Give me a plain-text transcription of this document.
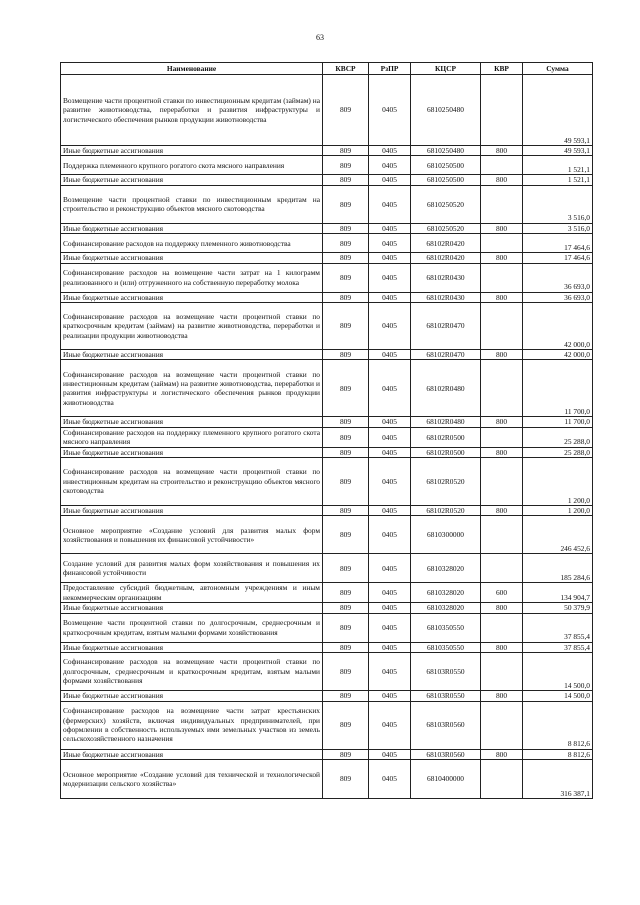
63
Наименование	КВСР	РзПР	КЦСР	КВР	Сумма
Возмещение части процентной ставки по инвестиционным кредитам (займам) на развитие животноводства, переработки и развития инфраструктуры и логистического обеспечения рынков продукции животноводства	809	0405	6810250480		49 593,1
Иные бюджетные ассигнования	809	0405	6810250480	800	49 593,1
Поддержка племенного крупного рогатого скота мясного направления	809	0405	6810250500		1 521,1
Иные бюджетные ассигнования	809	0405	6810250500	800	1 521,1
Возмещение части процентной ставки по инвестиционным кредитам на строительство и реконструкцию объектов мясного скотоводства	809	0405	6810250520		3 516,0
Иные бюджетные ассигнования	809	0405	6810250520	800	3 516,0
Софинансирование расходов на поддержку племенного животноводства	809	0405	68102R0420		17 464,6
Иные бюджетные ассигнования	809	0405	68102R0420	800	17 464,6
Софинансирование расходов на возмещение части затрат на 1 килограмм реализованного и (или) отгруженного на собственную переработку молока	809	0405	68102R0430		36 693,0
Иные бюджетные ассигнования	809	0405	68102R0430	800	36 693,0
Софинансирование расходов на возмещение части процентной ставки по краткосрочным кредитам (займам) на развитие животноводства, переработки и реализации продукции животноводства	809	0405	68102R0470		42 000,0
Иные бюджетные ассигнования	809	0405	68102R0470	800	42 000,0
Софинансирование расходов на возмещение части процентной ставки по инвестиционным кредитам (займам) на развитие животноводства, переработки и развития инфраструктуры и логистического обеспечения рынков продукции животноводства	809	0405	68102R0480		11 700,0
Иные бюджетные ассигнования	809	0405	68102R0480	800	11 700,0
Софинансирование расходов на поддержку племенного крупного рогатого скота мясного направления	809	0405	68102R0500		25 288,0
Иные бюджетные ассигнования	809	0405	68102R0500	800	25 288,0
Софинансирование расходов на возмещение части процентной ставки по инвестиционным кредитам на строительство и реконструкцию объектов мясного скотоводства	809	0405	68102R0520		1 200,0
Иные бюджетные ассигнования	809	0405	68102R0520	800	1 200,0
Основное мероприятие «Создание условий для развития малых форм хозяйствования и повышения их финансовой устойчивости»	809	0405	6810300000		246 452,6
Создание условий для развития малых форм хозяйствования и повышения их финансовой устойчивости	809	0405	6810328020		185 284,6
Предоставление субсидий бюджетным, автономным учреждениям и иным некоммерческим организациям	809	0405	6810328020	600	134 904,7
Иные бюджетные ассигнования	809	0405	6810328020	800	50 379,9
Возмещение части процентной ставки по долгосрочным, среднесрочным и краткосрочным кредитам, взятым малыми формами хозяйствования	809	0405	6810350550		37 855,4
Иные бюджетные ассигнования	809	0405	6810350550	800	37 855,4
Софинансирование расходов на возмещение части процентной ставки по долгосрочным, среднесрочным и краткосрочным кредитам, взятым малыми формами хозяйствования	809	0405	68103R0550		14 500,0
Иные бюджетные ассигнования	809	0405	68103R0550	800	14 500,0
Софинансирование расходов на возмещение части затрат крестьянских (фермерских) хозяйств, включая индивидуальных предпринимателей, при оформлении в собственность используемых ими земельных участков из земель сельскохозяйственного назначения	809	0405	68103R0560		8 812,6
Иные бюджетные ассигнования	809	0405	68103R0560	800	8 812,6
Основное мероприятие «Создание условий для технической и технологической модернизации сельского хозяйства»	809	0405	6810400000		316 387,1
